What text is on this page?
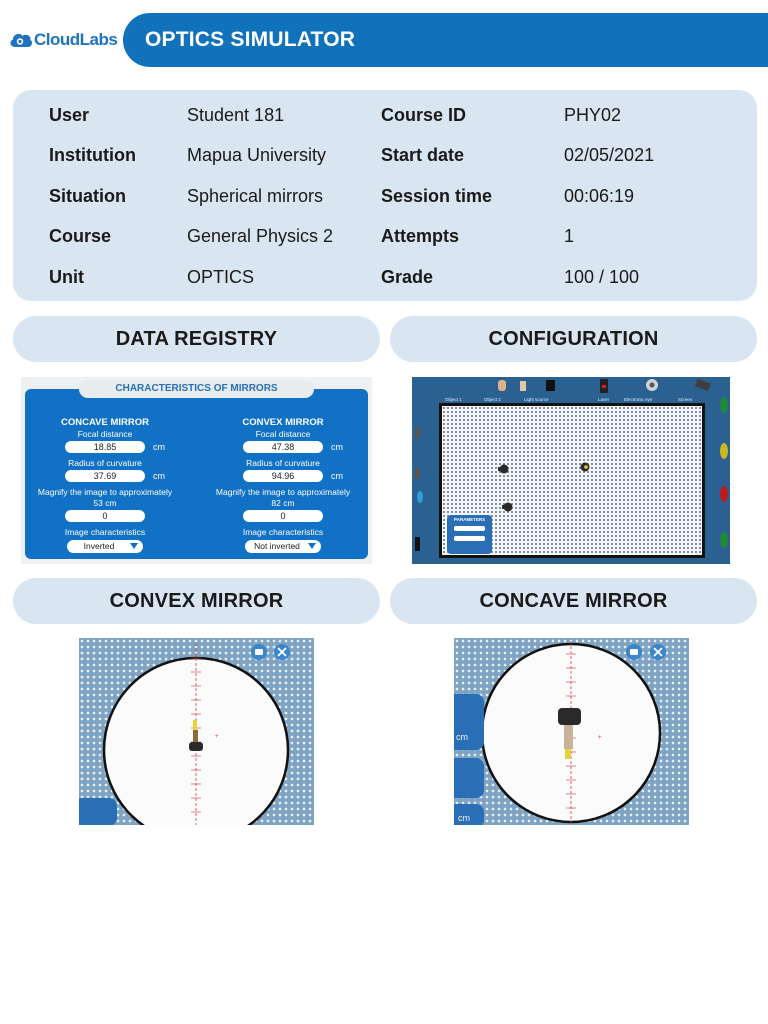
CloudLabs OPTICS SIMULATOR
User	Student 181	Course ID	PHY02
Institution	Mapua University	Start date	02/05/2021
Situation	Spherical mirrors	Session time	00:06:19
Course	General Physics 2	Attempts	1
Unit	OPTICS	Grade	100 / 100
DATA REGISTRY	CONFIGURATION
CONCAVE MIRROR
Focal distance
18.85	cm
Radius of curvature
37.69	cm
Magnify the image to approximately 53 cm
0
Image characteristics
Inverted
CONVEX MIRROR
Focal distance
47.38	cm
Radius of curvature
94.96	cm
Magnify the image to approximately 82 cm
0
Image characteristics
Not inverted
CHARACTERISTICS OF MIRRORS
Object 1	Object 2	Light source	Laser	Electronic eye	Screen
PARAMETERS
CONVEX MIRROR	CONCAVE MIRROR
+	+
cm
cm
